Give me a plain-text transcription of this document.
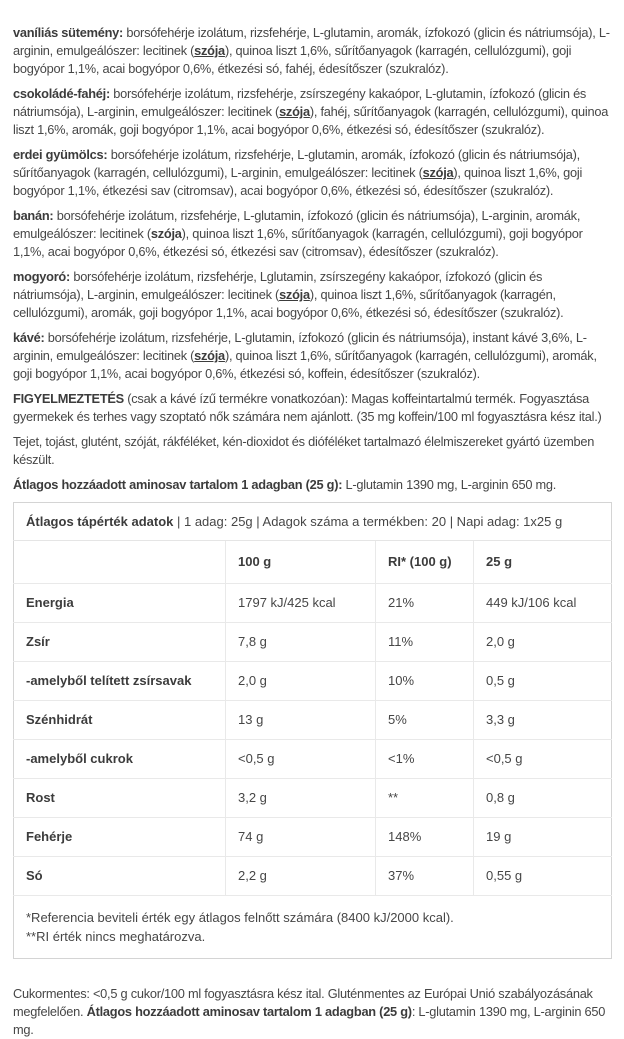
vaníliás sütemény: borsófehérje izolátum, rizsfehérje, L-glutamin, aromák, ízfokozó (glicin és nátriumsója), L-arginin, emulgeálószer: lecitinek (szója), quinoa liszt 1,6%, sűrítőanyagok (karragén, cellulózgumi), goji bogyópor 1,1%, acai bogyópor 0,6%, étkezési só, fahéj, édesítőszer (szukralóz).

csokoládé-fahéj: borsófehérje izolátum, rizsfehérje, zsírszegény kakaópor, L-glutamin, ízfokozó (glicin és nátriumsója), L-arginin, emulgeálószer: lecitinek (szója), fahéj, sűrítőanyagok (karragén, cellulózgumi), quinoa liszt 1,6%, aromák, goji bogyópor 1,1%, acai bogyópor 0,6%, étkezési só, édesítőszer (szukralóz).

erdei gyümölcs: borsófehérje izolátum, rizsfehérje, L-glutamin, aromák, ízfokozó (glicin és nátriumsója), sűrítőanyagok (karragén, cellulózgumi), L-arginin, emulgeálószer: lecitinek (szója), quinoa liszt 1,6%, goji bogyópor 1,1%, étkezési sav (citromsav), acai bogyópor 0,6%, étkezési só, édesítőszer (szukralóz).

banán: borsófehérje izolátum, rizsfehérje, L-glutamin, ízfokozó (glicin és nátriumsója), L-arginin, aromák, emulgeálószer: lecitinek (szója), quinoa liszt 1,6%, sűrítőanyagok (karragén, cellulózgumi), goji bogyópor 1,1%, acai bogyópor 0,6%, étkezési só, étkezési sav (citromsav), édesítőszer (szukralóz).

mogyoró: borsófehérje izolátum, rizsfehérje, Lglutamin, zsírszegény kakaópor, ízfokozó (glicin és nátriumsója), L-arginin, emulgeálószer: lecitinek (szója), quinoa liszt 1,6%, sűrítőanyagok (karragén, cellulózgumi), aromák, goji bogyópor 1,1%, acai bogyópor 0,6%, étkezési só, édesítőszer (szukralóz).

kávé: borsófehérje izolátum, rizsfehérje, L-glutamin, ízfokozó (glicin és nátriumsója), instant kávé 3,6%, L-arginin, emulgeálószer: lecitinek (szója), quinoa liszt 1,6%, sűrítőanyagok (karragén, cellulózgumi), aromák, goji bogyópor 1,1%, acai bogyópor 0,6%, étkezési só, koffein, édesítőszer (szukralóz).

FIGYELMEZTETÉS (csak a kávé ízű termékre vonatkozóan): Magas koffeintartalmú termék. Fogyasztása gyermekek és terhes vagy szoptató nők számára nem ajánlott. (35 mg koffein/100 ml fogyasztásra kész ital.)

Tejet, tojást, glutént, szóját, rákféléket, kén-dioxidot és dióféléket tartalmazó élelmiszereket gyártó üzemben készült.

Átlagos hozzáadott aminosav tartalom 1 adagban (25 g): L-glutamin 1390 mg, L-arginin 650 mg.

Átlagos tápérték adatok | 1 adag: 25g | Adagok száma a termékben: 20 | Napi adag: 1x25 g			
	100 g	RI* (100 g)	25 g
Energia	1797 kJ/425 kcal	21%	449 kJ/106 kcal
Zsír	7,8 g	11%	2,0 g
-amelyből telített zsírsavak	2,0 g	10%	0,5 g
Szénhidrát	13 g	5%	3,3 g
-amelyből cukrok	<0,5 g	<1%	<0,5 g
Rost	3,2 g	**	0,8 g
Fehérje	74 g	148%	19 g
Só	2,2 g	37%	0,55 g

*Referencia beviteli érték egy átlagos felnőtt számára (8400 kJ/2000 kcal).
**RI érték nincs meghatározva.			

Cukormentes: <0,5 g cukor/100 ml fogyasztásra kész ital. Gluténmentes az Európai Unió szabályozásának megfelelően. Átlagos hozzáadott aminosav tartalom 1 adagban (25 g): L-glutamin 1390 mg, L-arginin 650 mg.
